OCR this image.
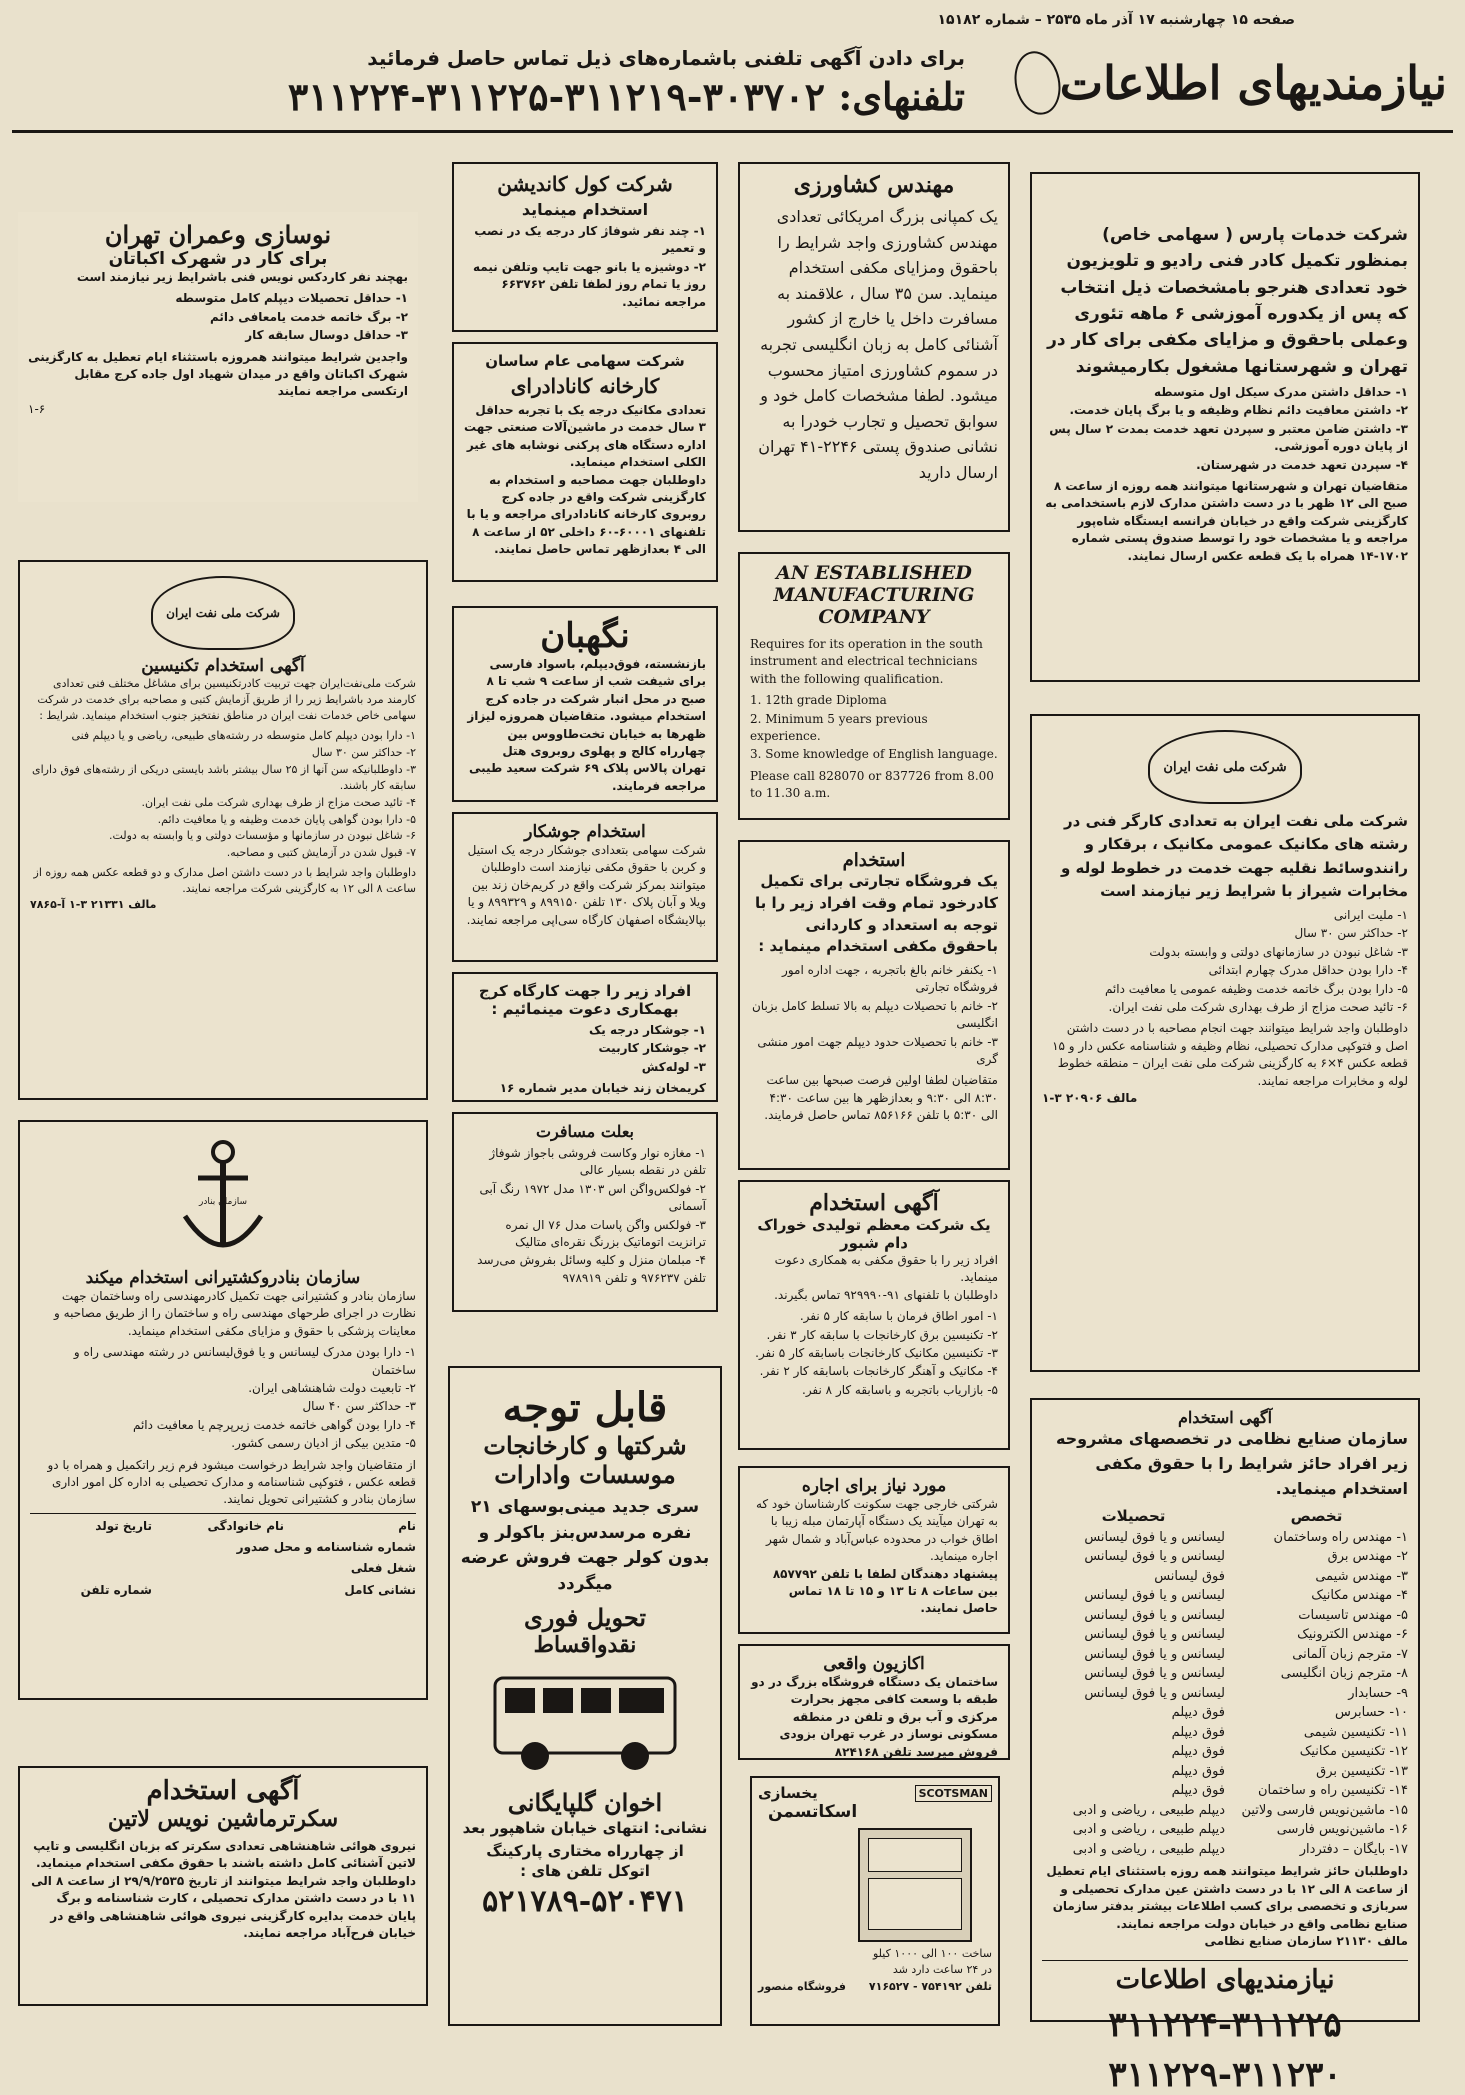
صفحه ۱۵ چهارشنبه ۱۷ آذر ماه ۲۵۳۵ – شماره ۱۵۱۸۲
نیازمندیهای اطلاعات
برای دادن آگهی تلفنی باشماره‌های ذیل تماس حاصل فرمائید
تلفنهای: ۳۰۳۷۰۲-۳۱۱۲۱۹-۳۱۱۲۲۵-۳۱۱۲۲۴
شرکت خدمات پارس ( سهامی خاص) بمنظور تکمیل کادر فنی رادیو و تلویزیون خود تعدادی هنرجو بامشخصات ذیل انتخاب که پس از یکدوره آموزشی ۶ ماهه تئوری وعملی باحقوق و مزایای مکفی برای کار در تهران و شهرستانها مشغول بکارمیشوند
۱- حداقل داشتن مدرک سیکل اول متوسطه
۲- داشتن معافیت دائم نظام وظیفه و یا برگ پایان خدمت.
۳- داشتن ضامن معتبر و سپردن تعهد خدمت بمدت ۲ سال پس از پایان دوره آموزشی.
۴- سپردن تعهد خدمت در شهرستان.
متقاضیان تهران و شهرستانها میتوانند همه روزه از ساعت ۸ صبح الی ۱۲ ظهر با در دست داشتن مدارک لازم باستخدامی به کارگزینی شرکت واقع در خیابان فرانسه ایستگاه شاه‌پور مراجعه و یا مشخصات خود را توسط صندوق پستی شماره ۱۷۰۲-۱۴ همراه با یک قطعه عکس ارسال نمایند.
شرکت ملی نفت ایران
شرکت ملی نفت ایران به تعدادی کارگر فنی در رشته های مکانیک عمومی مکانیک ، برقکار و رانندوسائط نقلیه جهت خدمت در خطوط لوله و مخابرات شیراز با شرایط زیر نیازمند است
۱- ملیت ایرانی
۲- حداکثر سن ۳۰ سال
۳- شاغل نبودن در سازمانهای دولتی و وابسته بدولت
۴- دارا بودن حداقل مدرک چهارم ابتدائی
۵- دارا بودن برگ خاتمه خدمت وظیفه عمومی یا معافیت دائم
۶- تائید صحت مزاج از طرف بهداری شرکت ملی نفت ایران.
داوطلبان واجد شرایط میتوانند جهت انجام مصاحبه با در دست داشتن اصل و فتوکپی مدارک تحصیلی، نظام وظیفه و شناسنامه عکس دار و ۱۵ قطعه عکس ۴×۶ به کارگزینی شرکت ملی نفت ایران – منطقه خطوط لوله و مخابرات مراجعه نمایند.
مالف ۲۰۹۰۶ ۳-۱
آگهی استخدام
سازمان صنایع نظامی در تخصصهای مشروحه زیر افراد حائز شرایط را با حقوق مکفی استخدام مینماید.
تخصص
تحصیلات
۱- مهندس راه وساختمان
لیسانس و یا فوق لیسانس
۲- مهندس برق
لیسانس و یا فوق لیسانس
۳- مهندس شیمی
فوق لیسانس
۴- مهندس مکانیک
لیسانس و یا فوق لیسانس
۵- مهندس تاسیسات
لیسانس و یا فوق لیسانس
۶- مهندس الکترونیک
لیسانس و یا فوق لیسانس
۷- مترجم زبان آلمانی
لیسانس و یا فوق لیسانس
۸- مترجم زبان انگلیسی
لیسانس و یا فوق لیسانس
۹- حسابدار
لیسانس و یا فوق لیسانس
۱۰- حسابرس
فوق دیپلم
۱۱- تکنیسین شیمی
فوق دیپلم
۱۲- تکنیسین مکانیک
فوق دیپلم
۱۳- تکنیسین برق
فوق دیپلم
۱۴- تکنیسین راه و ساختمان
فوق دیپلم
۱۵- ماشین‌نویس فارسی ولاتین
دیپلم طبیعی ، ریاضی و ادبی
۱۶- ماشین‌نویس فارسی
دیپلم طبیعی ، ریاضی و ادبی
۱۷- بایگان – دفتردار
دیپلم طبیعی ، ریاضی و ادبی
داوطلبان حائز شرایط میتوانند همه روزه باستثنای ایام تعطیل از ساعت ۸ الی ۱۲ با در دست داشتن عین مدارک تحصیلی و سربازی و تخصصی برای کسب اطلاعات بیشتر بدفتر سازمان صنایع نظامی واقع در خیابان دولت مراجعه نمایند.
مالف ۲۱۱۳۰ سازمان صنایع نظامی
نیازمندیهای اطلاعات
۳۱۱۲۲۴-۳۱۱۲۲۵
۳۱۱۲۲۹-۳۱۱۲۳۰
مهندس کشاورزی
یک کمپانی بزرگ امریکائی تعدادی مهندس کشاورزی واجد شرایط را باحقوق ومزایای مکفی استخدام مینماید. سن ۳۵ سال ، علاقمند به مسافرت داخل یا خارج از کشور آشنائی کامل به زبان انگلیسی تجربه در سموم کشاورزی امتیاز محسوب میشود. لطفا مشخصات کامل خود و سوابق تحصیل و تجارب خودرا به نشانی صندوق پستی ۲۲۴۶-۴۱ تهران ارسال دارید
AN ESTABLISHED
MANUFACTURING
COMPANY
Requires for its operation in the south instrument and electrical technicians with the following qualification.
1. 12th grade Diploma
2. Minimum 5 years previous experience.
3. Some knowledge of English language.
Please call 828070 or 837726 from 8.00 to 11.30 a.m.
استخدام
یک فروشگاه تجارتی برای تکمیل کادرخود تمام وقت افراد زیر را با توجه به استعداد و کاردانی باحقوق مکفی استخدام مینماید :
۱- یکنفر خانم بالغ باتجربه ، جهت اداره امور فروشگاه تجارتی
۲- خانم با تحصیلات دیپلم به بالا تسلط کامل بزبان انگلیسی
۳- خانم با تحصیلات حدود دیپلم جهت امور منشی گری
متقاضیان لطفا اولین فرصت صبحها بین ساعت ۸:۳۰ الی ۹:۳۰ و بعدازظهر ها بین ساعت ۴:۳۰ الی ۵:۳۰ با تلفن ۸۵۶۱۶۶ تماس حاصل فرمایند.
آگهی استخدام
یک شرکت معظم تولیدی خوراک دام شبور
افراد زیر را با حقوق مکفی به همکاری دعوت مینماید.
داوطلبان با تلفنهای ۹۱-۹۲۹۹۹۰ تماس بگیرند.
۱- امور اطاق فرمان با سابقه کار ۵ نفر.
۲- تکنیسین برق کارخانجات با سابقه کار ۳ نفر.
۳- تکنیسین مکانیک کارخانجات باسابقه کار ۵ نفر.
۴- مکانیک و آهنگر کارخانجات باسابقه کار ۲ نفر.
۵- بازاریاب باتجربه و باسابقه کار ۸ نفر.
مورد نیاز برای اجاره
شرکتی خارجی جهت سکونت کارشناسان خود که به تهران میآیند یک دستگاه آپارتمان مبله زیبا با اطاق خواب در محدوده عباس‌آباد و شمال شهر اجاره مینماید.
پیشنهاد دهندگان لطفا با تلفن ۸۵۷۷۹۲ بین ساعات ۸ تا ۱۳ و ۱۵ تا ۱۸ تماس حاصل نمایند.
اکازیون واقعی
ساختمان یک دستگاه فروشگاه بزرگ در دو طبقه با وسعت کافی مجهز بحرارت مرکزی و آب برق و تلفن در منطقه مسکونی نوساز در غرب تهران بزودی فروش میرسد تلفن ۸۲۴۱۶۸
SCOTSMAN
یخسازی
اسکاتسمن
ساخت ۱۰۰ الی ۱۰۰۰ کیلو
در ۲۴ ساعت دارد شد
تلفن ۷۵۴۱۹۲ - ۷۱۶۵۲۷
فروشگاه منصور
شرکت کول کاندیشن
استخدام مینماید
۱- چند نفر شوفاژ کار درجه یک در نصب و تعمیر
۲- دوشیزه یا بانو جهت تایپ وتلفن نیمه روز یا تمام روز لطفا تلفن ۶۶۳۷۶۲ مراجعه نمائید.
شرکت سهامی عام ساسان
کارخانه کانادادرای
تعدادی مکانیک درجه یک با تجربه حداقل ۳ سال خدمت در ماشین‌آلات صنعتی جهت اداره دستگاه های پرکنی نوشابه های غیر الکلی استخدام مینماید.
داوطلبان جهت مصاحبه و استخدام به کارگزینی شرکت واقع در جاده کرج روبروی کارخانه کانادادرای مراجعه و یا با تلفنهای ۶۰۰۰۱-۶۰ داخلی ۵۲ از ساعت ۸ الی ۴ بعدازظهر تماس حاصل نمایند.
نگهبان
بازنشسته، فوق‌دیپلم، باسواد فارسی برای شیفت شب از ساعت ۹ شب تا ۸ صبح در محل انبار شرکت در جاده کرج استخدام میشود. متقاضیان همروزه لیزاز ظهرها به خیابان تخت‌طاووس بین چهارراه کالج و پهلوی روبروی هتل تهران پالاس پلاک ۶۹ شرکت سعید طیبی مراجعه فرمایند.
استخدام جوشکار
شرکت سهامی بتعدادی جوشکار درجه یک استیل و کربن با حقوق مکفی نیازمند است داوطلبان میتوانند بمرکز شرکت واقع در کریم‌خان زند بین ویلا و آبان پلاک ۱۳۰ تلفن ۸۹۹۱۵۰ و ۸۹۹۳۲۹ و یا بپالایشگاه اصفهان کارگاه سی‌اپی مراجعه نمایند.
افراد زیر را جهت کارگاه کرج بهمکاری دعوت مینمائیم :
۱- جوشکار درجه یک
۲- جوشکار کاربیت
۳- لوله‌کش
کریمخان زند خیابان مدیر شماره ۱۶
بعلت مسافرت
۱- مغازه نوار وکاست فروشی باجواز شوفاژ تلفن در نقطه بسیار عالی
۲- فولکس‌واگن اس ۱۳۰۳ مدل ۱۹۷۲ رنگ آبی آسمانی
۳- فولکس واگن پاسات مدل ۷۶ ال نمره ترانزیت اتوماتیک بزرنگ نقره‌ای متالیک
۴- مبلمان منزل و کلیه وسائل بفروش می‌رسد تلفن ۹۷۶۲۳۷ و تلفن ۹۷۸۹۱۹
قابل توجه
شرکتها و کارخانجات
موسسات وادارات
سری جدید مینی‌بوسهای ۲۱ نفره مرسدس‌بنز باکولر و بدون کولر جهت فروش عرضه میگردد
تحویل فوری
نقدواقساط
اخوان گلپایگانی
نشانی: انتهای خیابان شاهپور بعد از چهارراه مختاری پارکینگ
اتوکل تلفن های :
۵۲۱۷۸۹-۵۲۰۴۷۱
نوسازی وعمران تهران
برای کار در شهرک اکباتان
بهچند نفر کاردکس نویس فنی باشرایط زیر نیازمند است
۱- حداقل تحصیلات دیپلم کامل متوسطه
۲- برگ خاتمه خدمت یامعافی دائم
۳- حداقل دوسال سابقه کار
واجدین شرایط میتوانند همروزه باستثناء ایام تعطیل به کارگزینی شهرک اکباتان واقع در میدان شهیاد اول جاده کرج مقابل ارتکسی مراجعه نمایند
۱-۶
شرکت ملی نفت ایران
آگهی استخدام تکنیسین
شرکت ملی‌نفت‌ایران جهت تربیت کادرتکنیسین برای مشاغل مختلف فنی تعدادی کارمند مرد باشرایط زیر را از طریق آزمایش کتبی و مصاحبه برای خدمت در شرکت سهامی خاص خدمات نفت ایران در مناطق نفتخیز جنوب استخدام مینماید. شرایط :
۱- دارا بودن دیپلم کامل متوسطه در رشته‌های طبیعی، ریاضی و یا دیپلم فنی
۲- حداکثر سن ۳۰ سال
۳- داوطلبانیکه سن آنها از ۲۵ سال بیشتر باشد بایستی دریکی از رشته‌های فوق دارای سابقه کار باشند.
۴- تائید صحت مزاج از طرف بهداری شرکت ملی نفت ایران.
۵- دارا بودن گواهی پایان خدمت وظیفه و یا معافیت دائم.
۶- شاغل نبودن در سازمانها و مؤسسات دولتی و یا وابسته به دولت.
۷- قبول شدن در آزمایش کتبی و مصاحبه.
داوطلبان واجد شرایط با در دست داشتن اصل مدارک و دو قطعه عکس همه روزه از ساعت ۸ الی ۱۲ به کارگزینی شرکت مراجعه نمایند.
مالف ۲۱۳۳۱ ۳-۱ آ-۷۸۶۵
سازمان بنادر
سازمان بنادروکشتیرانی استخدام میکند
سازمان بنادر و کشتیرانی جهت تکمیل کادرمهندسی راه وساختمان جهت نظارت در اجرای طرحهای مهندسی راه و ساختمان را از طریق مصاحبه و معاینات پزشکی با حقوق و مزایای مکفی استخدام مینماید.
۱- دارا بودن مدرک لیسانس و یا فوق‌لیسانس در رشته مهندسی راه و ساختمان
۲- تابعیت دولت شاهنشاهی ایران.
۳- حداکثر سن ۴۰ سال
۴- دارا بودن گواهی خاتمه خدمت زیرپرچم یا معافیت دائم
۵- متدین بیکی از ادیان رسمی کشور.
از متقاضیان واجد شرایط درخواست میشود فرم زیر راتکمیل و همراه با دو قطعه عکس ، فتوکپی شناسنامه و مدارک تحصیلی به اداره کل امور اداری سازمان بنادر و کشتیرانی تحویل نمایند.
نام
نام خانوادگی
تاریخ تولد
شماره شناسنامه و محل صدور
شغل فعلی
نشانی کامل
شماره تلفن
آگهی استخدام
سکرترماشین نویس لاتین
نیروی هوائی شاهنشاهی تعدادی سکرتر که بزبان انگلیسی و تایپ لاتین آشنائی کامل داشته باشند با حقوق مکفی استخدام مینماید. داوطلبان واجد شرایط میتوانند از تاریخ ۲۹/۹/۲۵۳۵ از ساعت ۸ الی ۱۱ با در دست داشتن مدارک تحصیلی ، کارت شناسنامه و برگ پایان خدمت بدایره کارگزینی نیروی هوائی شاهنشاهی واقع در خیابان فرح‌آباد مراجعه نمایند.
